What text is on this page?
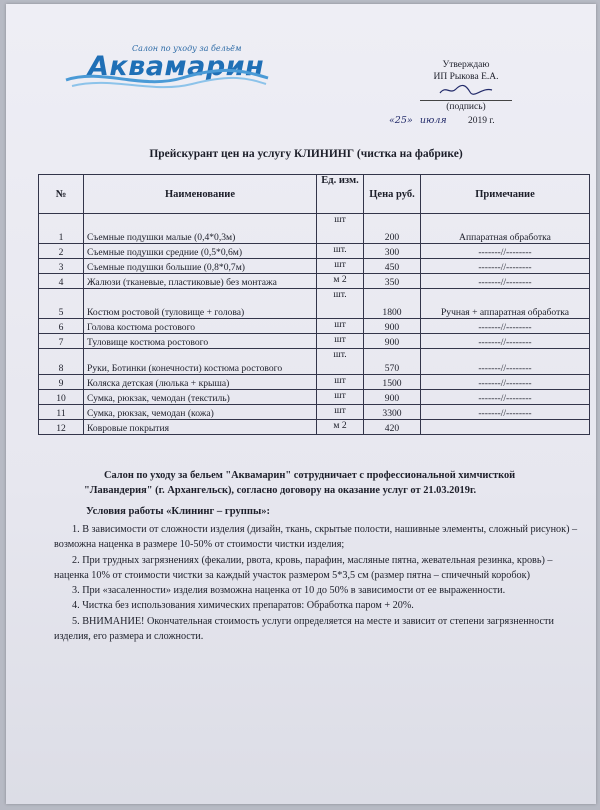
Салон по уходу за бельём
Аквамарин	Утверждаю
ИП Рыкова Е.А.
(подпись)
«25» июля 2019 г.
Прейскурант цен на услугу КЛИНИНГ (чистка на фабрике)
№	Наименование	Ед. изм.	Цена руб.	Примечание
1	Съемные подушки малые (0,4*0,3м)	шт	200	Аппаратная обработка
2	Съемные подушки средние (0,5*0,6м)	шт.	300	-------//--------
3	Съемные подушки большие (0,8*0,7м)	шт	450	-------//--------
4	Жалюзи (тканевые, пластиковые) без монтажа	м 2	350	-------//--------
5	Костюм ростовой (туловище + голова)	шт.	1800	Ручная + аппаратная обработка
6	Голова костюма ростового	шт	900	-------//--------
7	Туловище костюма ростового	шт	900	-------//--------
8	Руки, Ботинки (конечности) костюма ростового	шт.	570	-------//--------
9	Коляска детская (люлька + крыша)	шт	1500	-------//--------
10	Сумка, рюкзак, чемодан (текстиль)	шт	900	-------//--------
11	Сумка, рюкзак, чемодан (кожа)	шт	3300	-------//--------
12	Ковровые покрытия	м 2	420	
Салон по уходу за бельем "Аквамарин" сотрудничает с профессиональной химчисткой "Лавандерия" (г. Архангельск), согласно договору на оказание услуг от 21.03.2019г.
Условия работы «Клининг – группы»:

1. В зависимости от сложности изделия (дизайн, ткань, скрытые полости, нашивные элементы, сложный рисунок) – возможна наценка в размере 10-50% от стоимости чистки изделия;

2. При трудных загрязнениях (фекалии, рвота, кровь, парафин, масляные пятна, жевательная резинка, кровь) – наценка 10% от стоимости чистки за каждый участок размером 5*3,5 см (размер пятна – спичечный коробок)

3. При «засаленности» изделия возможна наценка от 10 до 50% в зависимости от ее выраженности.

4. Чистка без использования химических препаратов: Обработка паром + 20%.

5. ВНИМАНИЕ! Окончательная стоимость услуги определяется на месте и зависит от степени загрязненности изделия, его размера и сложности.
